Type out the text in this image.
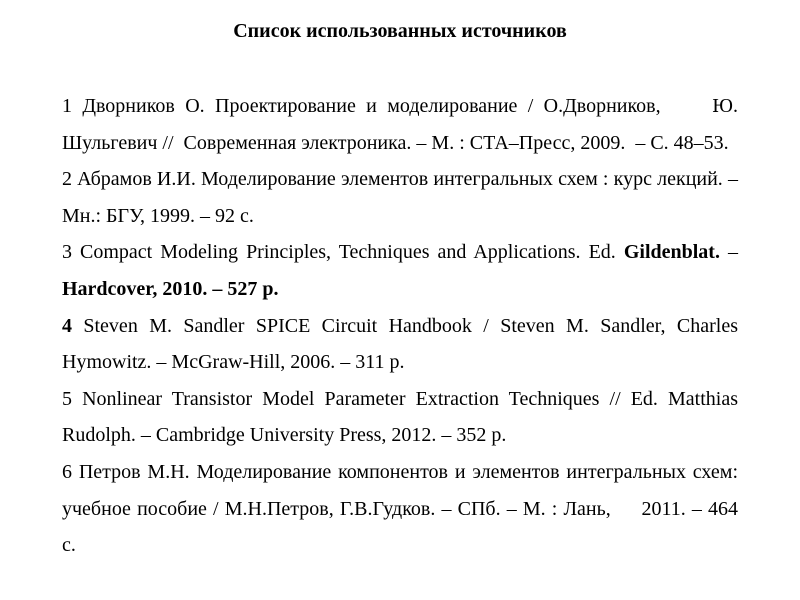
Список использованных источников
1 Дворников О. Проектирование и моделирование / О.Дворников,     Ю.
Шульгевич //  Современная электроника. – М. : СТА–Пресс, 2009.  – С. 48–53.
2 Абрамов И.И. Моделирование элементов интегральных схем : курс лекций. –
Мн.: БГУ, 1999. – 92 с.
3 Compact Modeling Principles, Techniques and Applications. Ed. Gildenblat. –
Hardcover, 2010. – 527 p.
4 Steven M. Sandler SPICE Circuit Handbook / Steven M. Sandler, Charles
Hymowitz. – McGraw-Hill, 2006. – 311 p.
5 Nonlinear Transistor Model Parameter Extraction Techniques // Ed. Matthias
Rudolph. – Cambridge University Press, 2012. – 352 p.
6 Петров М.Н. Моделирование компонентов и элементов интегральных схем:
учебное пособие / М.Н.Петров, Г.В.Гудков. – СПб. – М. : Лань,     2011. – 464
с.
